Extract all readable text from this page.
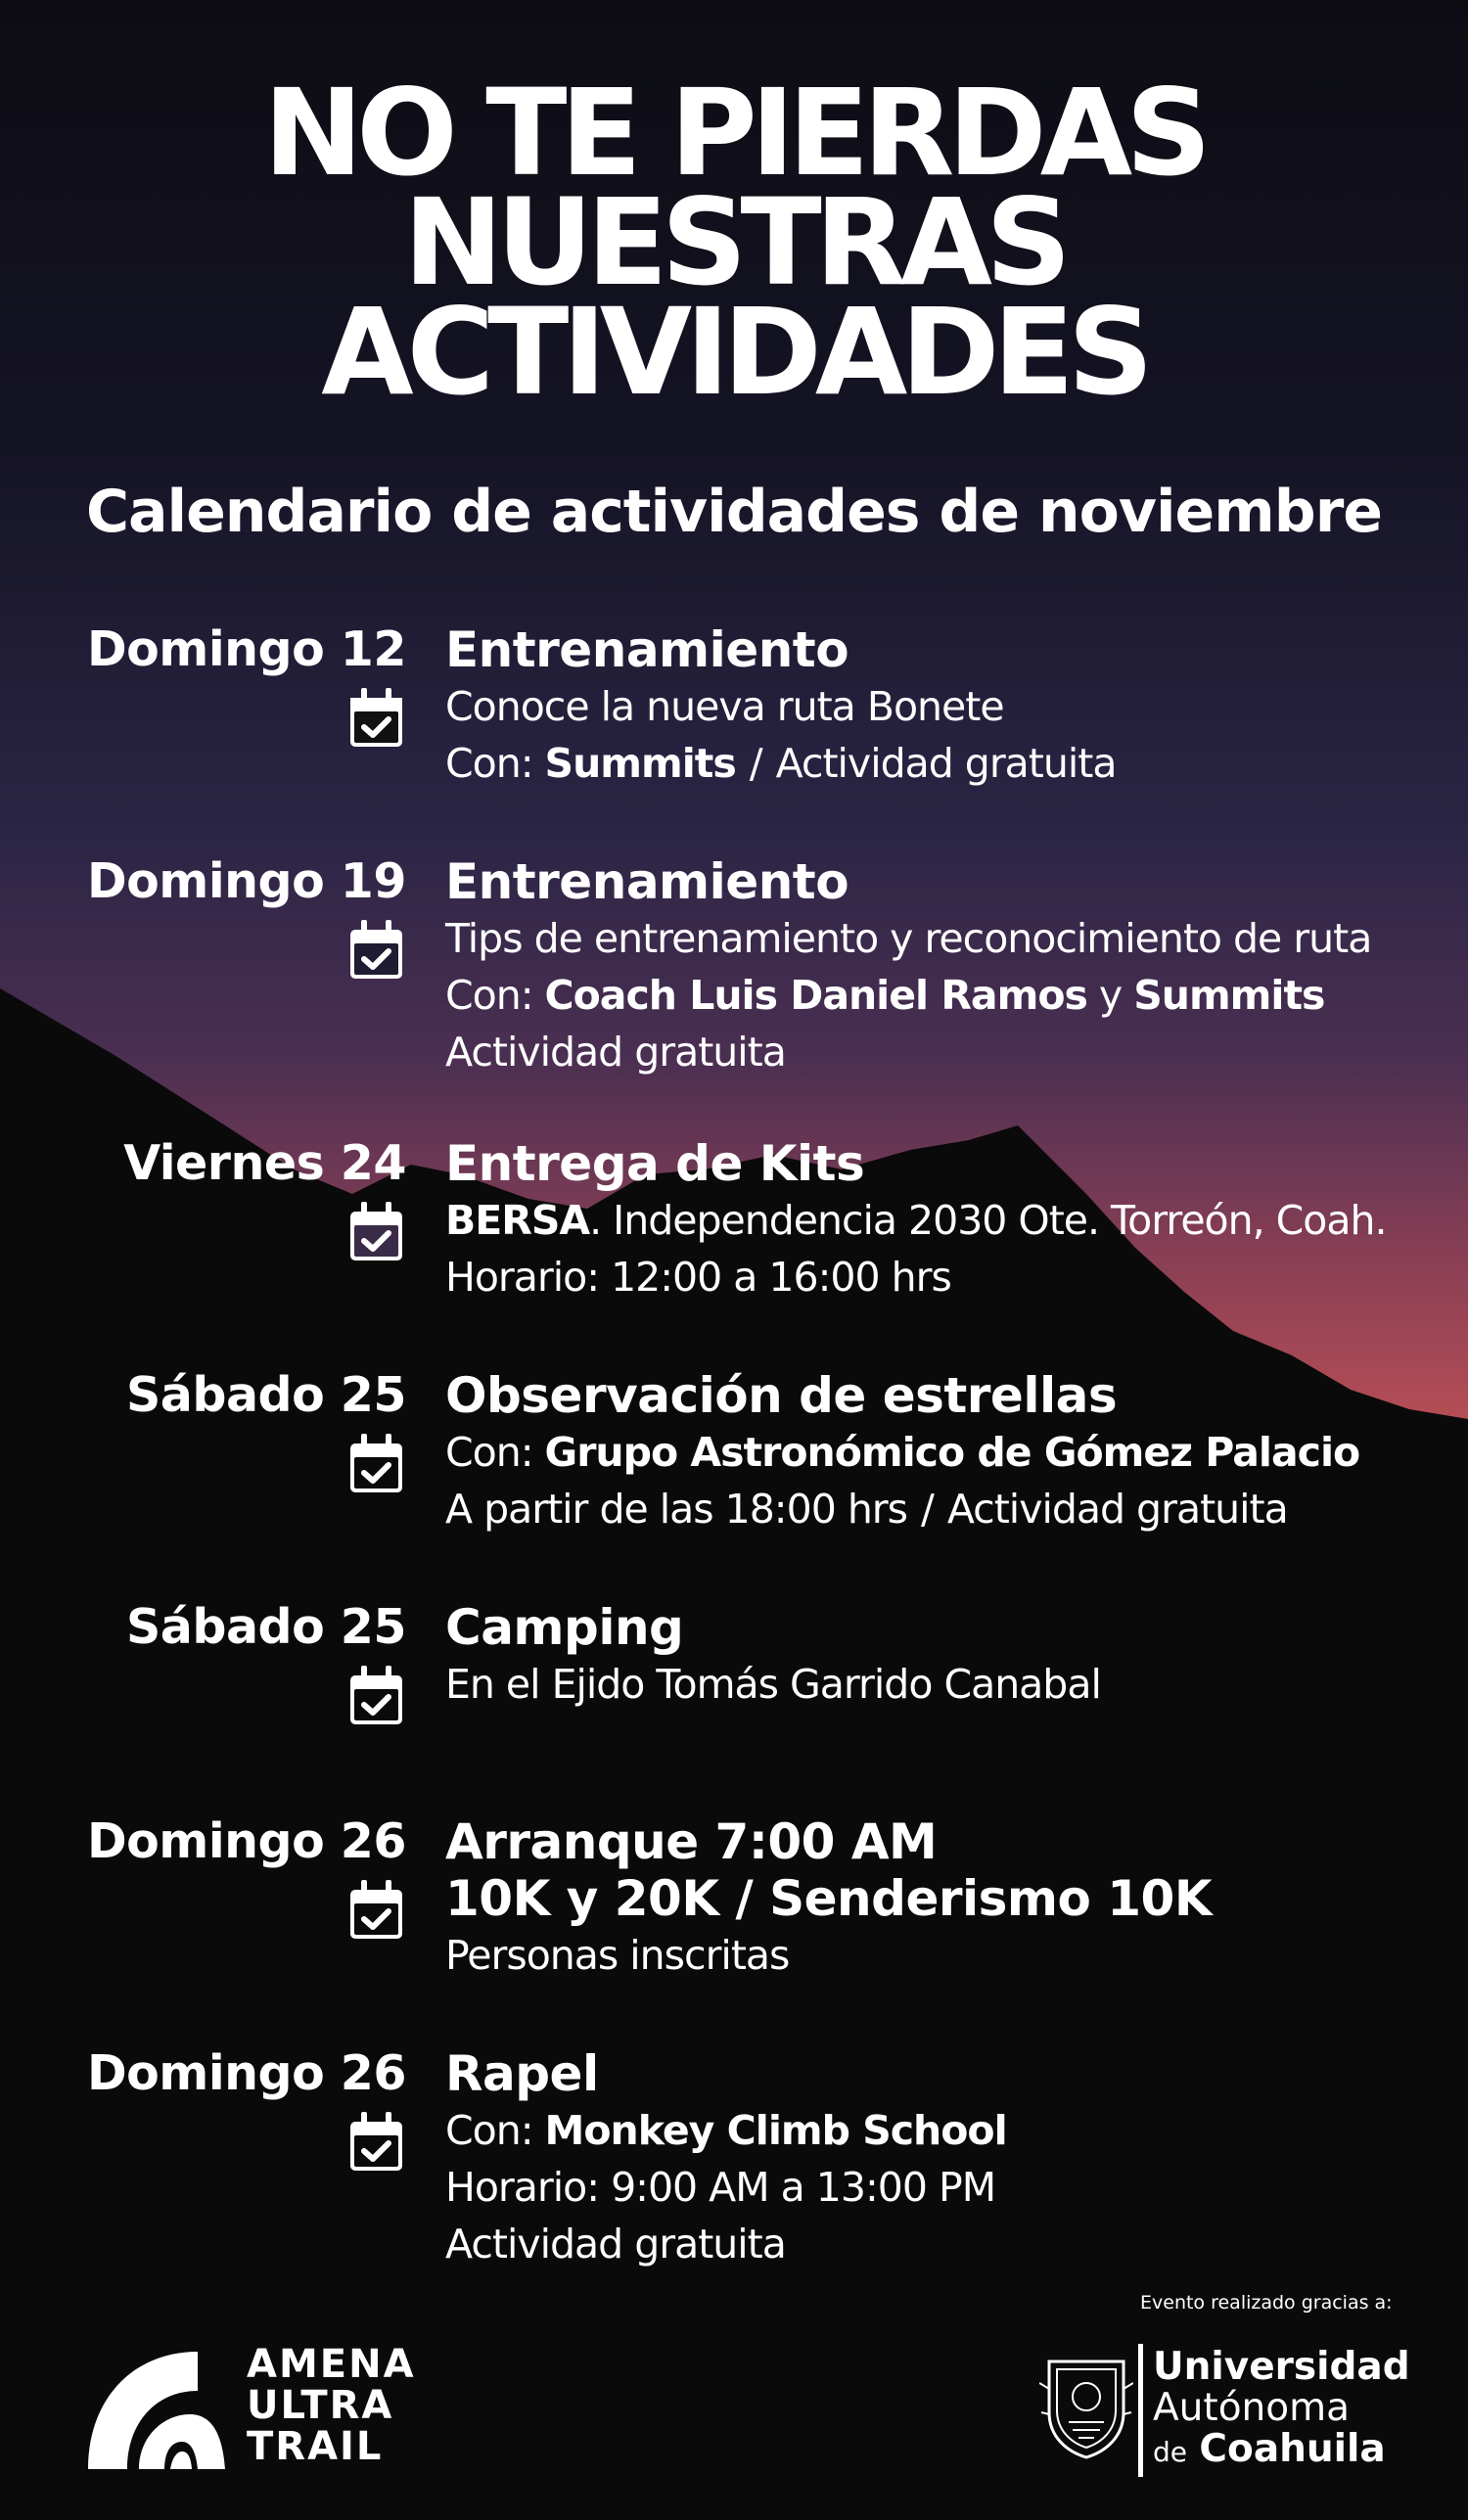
NO TE PIERDAS
NUESTRAS
ACTIVIDADES
Calendario de actividades de noviembre
Domingo 12 Entrenamiento
Conoce la nueva ruta Bonete
Con: Summits / Actividad gratuita
Domingo 19 Entrenamiento
Tips de entrenamiento y reconocimiento de ruta
Con: Coach Luis Daniel Ramos y Summits
Actividad gratuita
Viernes 24 Entrega de Kits
BERSA. Independencia 2030 Ote. Torreón, Coah.
Horario: 12:00 a 16:00 hrs
Sábado 25 Observación de estrellas
Con: Grupo Astronómico de Gómez Palacio
A partir de las 18:00 hrs / Actividad gratuita
Sábado 25 Camping
En el Ejido Tomás Garrido Canabal
Domingo 26 Arranque 7:00 AM
10K y 20K / Senderismo 10K
Personas inscritas
Domingo 26 Rapel
Con: Monkey Climb School
Horario: 9:00 AM a 13:00 PM
Actividad gratuita
Evento realizado gracias a:
AMENA
ULTRA
TRAIL
Universidad
Autónoma
de Coahuila
